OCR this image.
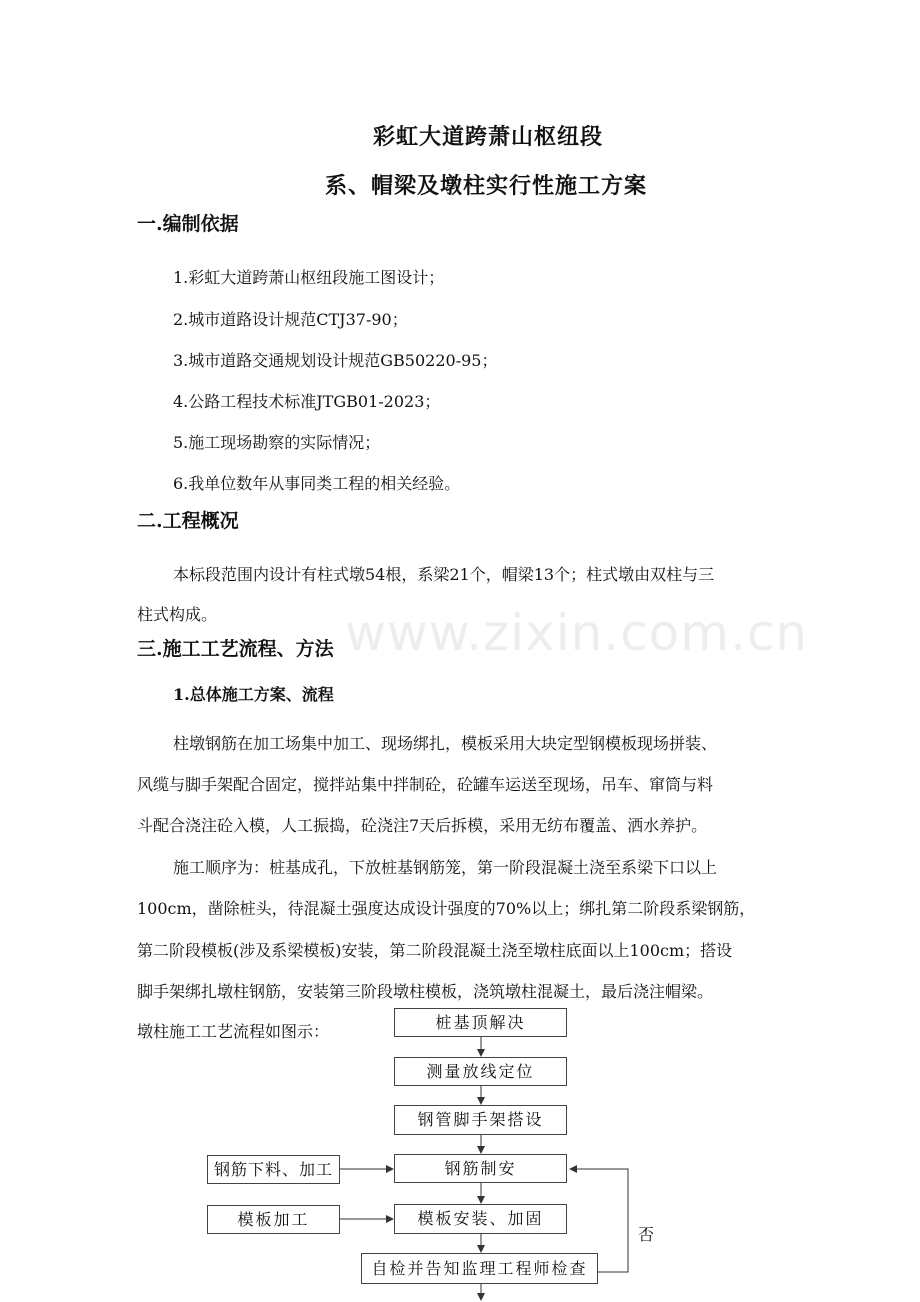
彩虹大道跨萧山枢纽段
系、帽梁及墩柱实行性施工方案
一.编制依据
1.彩虹大道跨萧山枢纽段施工图设计；
2.城市道路设计规范CTJ37-90；
3.城市道路交通规划设计规范GB50220-95；
4.公路工程技术标准JTGB01-2023；
5.施工现场勘察的实际情况；
6.我单位数年从事同类工程的相关经验。
二.工程概况
本标段范围内设计有柱式墩54根，系梁21个，帽梁13个；柱式墩由双柱与三
柱式构成。	www.zixin.com.cn
三.施工工艺流程、方法
1.总体施工方案、流程
柱墩钢筋在加工场集中加工、现场绑扎，模板采用大块定型钢模板现场拼装、
风缆与脚手架配合固定，搅拌站集中拌制砼，砼罐车运送至现场，吊车、窜筒与料
斗配合浇注砼入模，人工振捣，砼浇注7天后拆模，采用无纺布覆盖、洒水养护。
施工顺序为：桩基成孔，下放桩基钢筋笼，第一阶段混凝土浇至系梁下口以上
100cm，凿除桩头，待混凝土强度达成设计强度的70%以上；绑扎第二阶段系梁钢筋，
第二阶段模板(涉及系梁模板)安装，第二阶段混凝土浇至墩柱底面以上100cm；搭设
脚手架绑扎墩柱钢筋，安装第三阶段墩柱模板，浇筑墩柱混凝土，最后浇注帽梁。
墩柱施工工艺流程如图示：	桩基顶解决
测量放线定位
钢管脚手架搭设
钢筋制安
模板安装、加固
自检并告知监理工程师检查
钢筋下料、加工
模板加工
否
